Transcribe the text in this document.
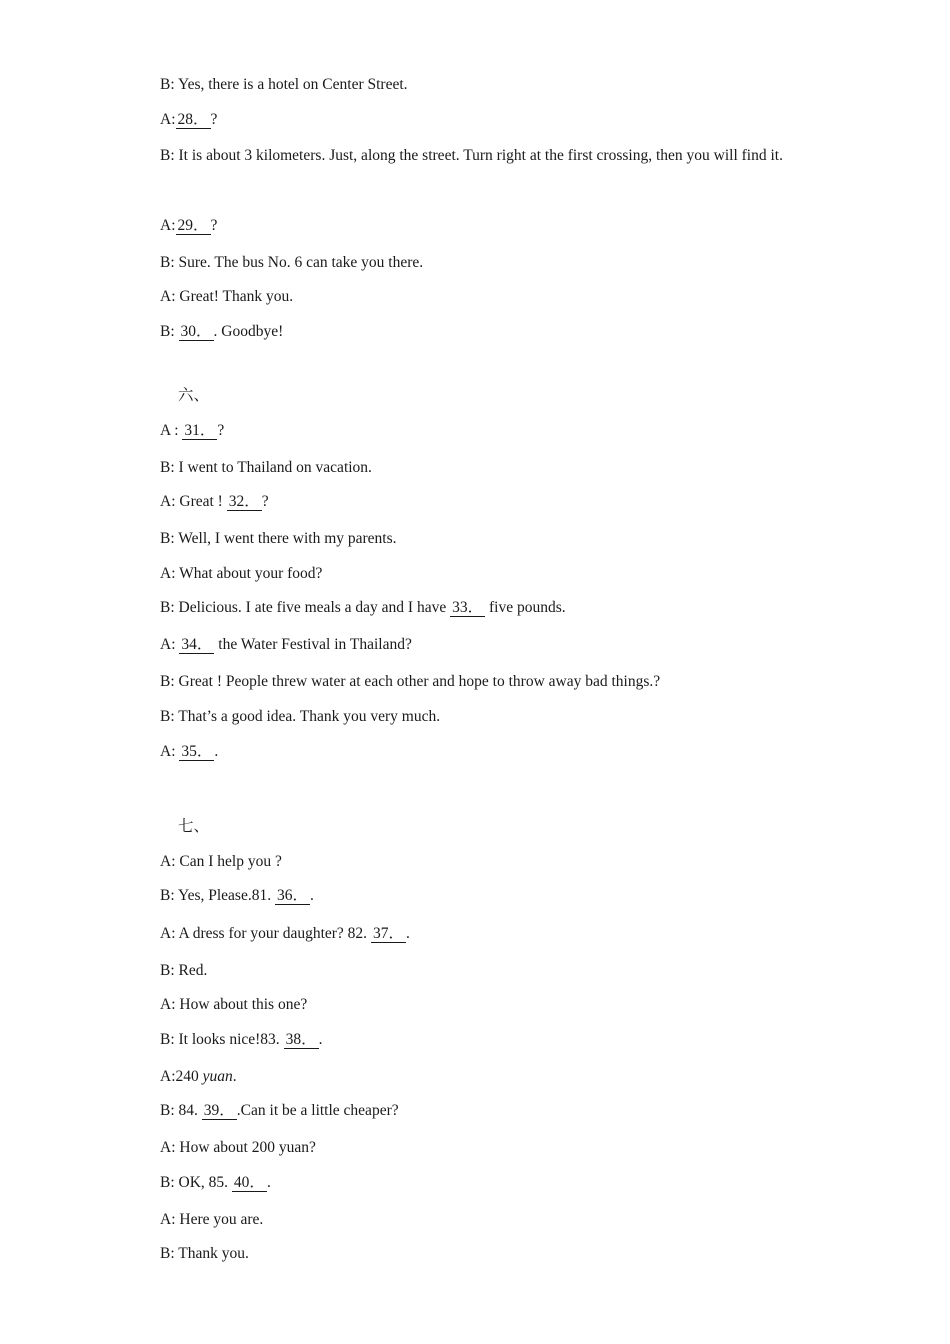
B: Yes, there is a hotel on Center Street.
A: 28． ?
B: It is about 3 kilometers. Just, along the street. Turn right at the first crossing, then you will find it.
A: 29． ?
B: Sure. The bus No. 6 can take you there.
A: Great! Thank you.
B: 30． . Goodbye!
六、
A : 31． ?
B: I went to Thailand on vacation.
A: Great ! 32． ?
B: Well, I went there with my parents.
A: What about your food?
B: Delicious. I ate five meals a day and I have 33． five pounds.
A: 34． the Water Festival in Thailand?
B: Great ! People threw water at each other and hope to throw away bad things.?
B: That’s a good idea. Thank you very much.
A: 35． .
七、
A: Can I help you ?
B: Yes, Please.81. 36． .
A: A dress for your daughter? 82. 37． .
B: Red.
A: How about this one?
B: It looks nice!83. 38． .
A:240 yuan.
B: 84. 39． .Can it be a little cheaper?
A: How about 200 yuan?
B: OK, 85. 40． .
A: Here you are.
B: Thank you.
